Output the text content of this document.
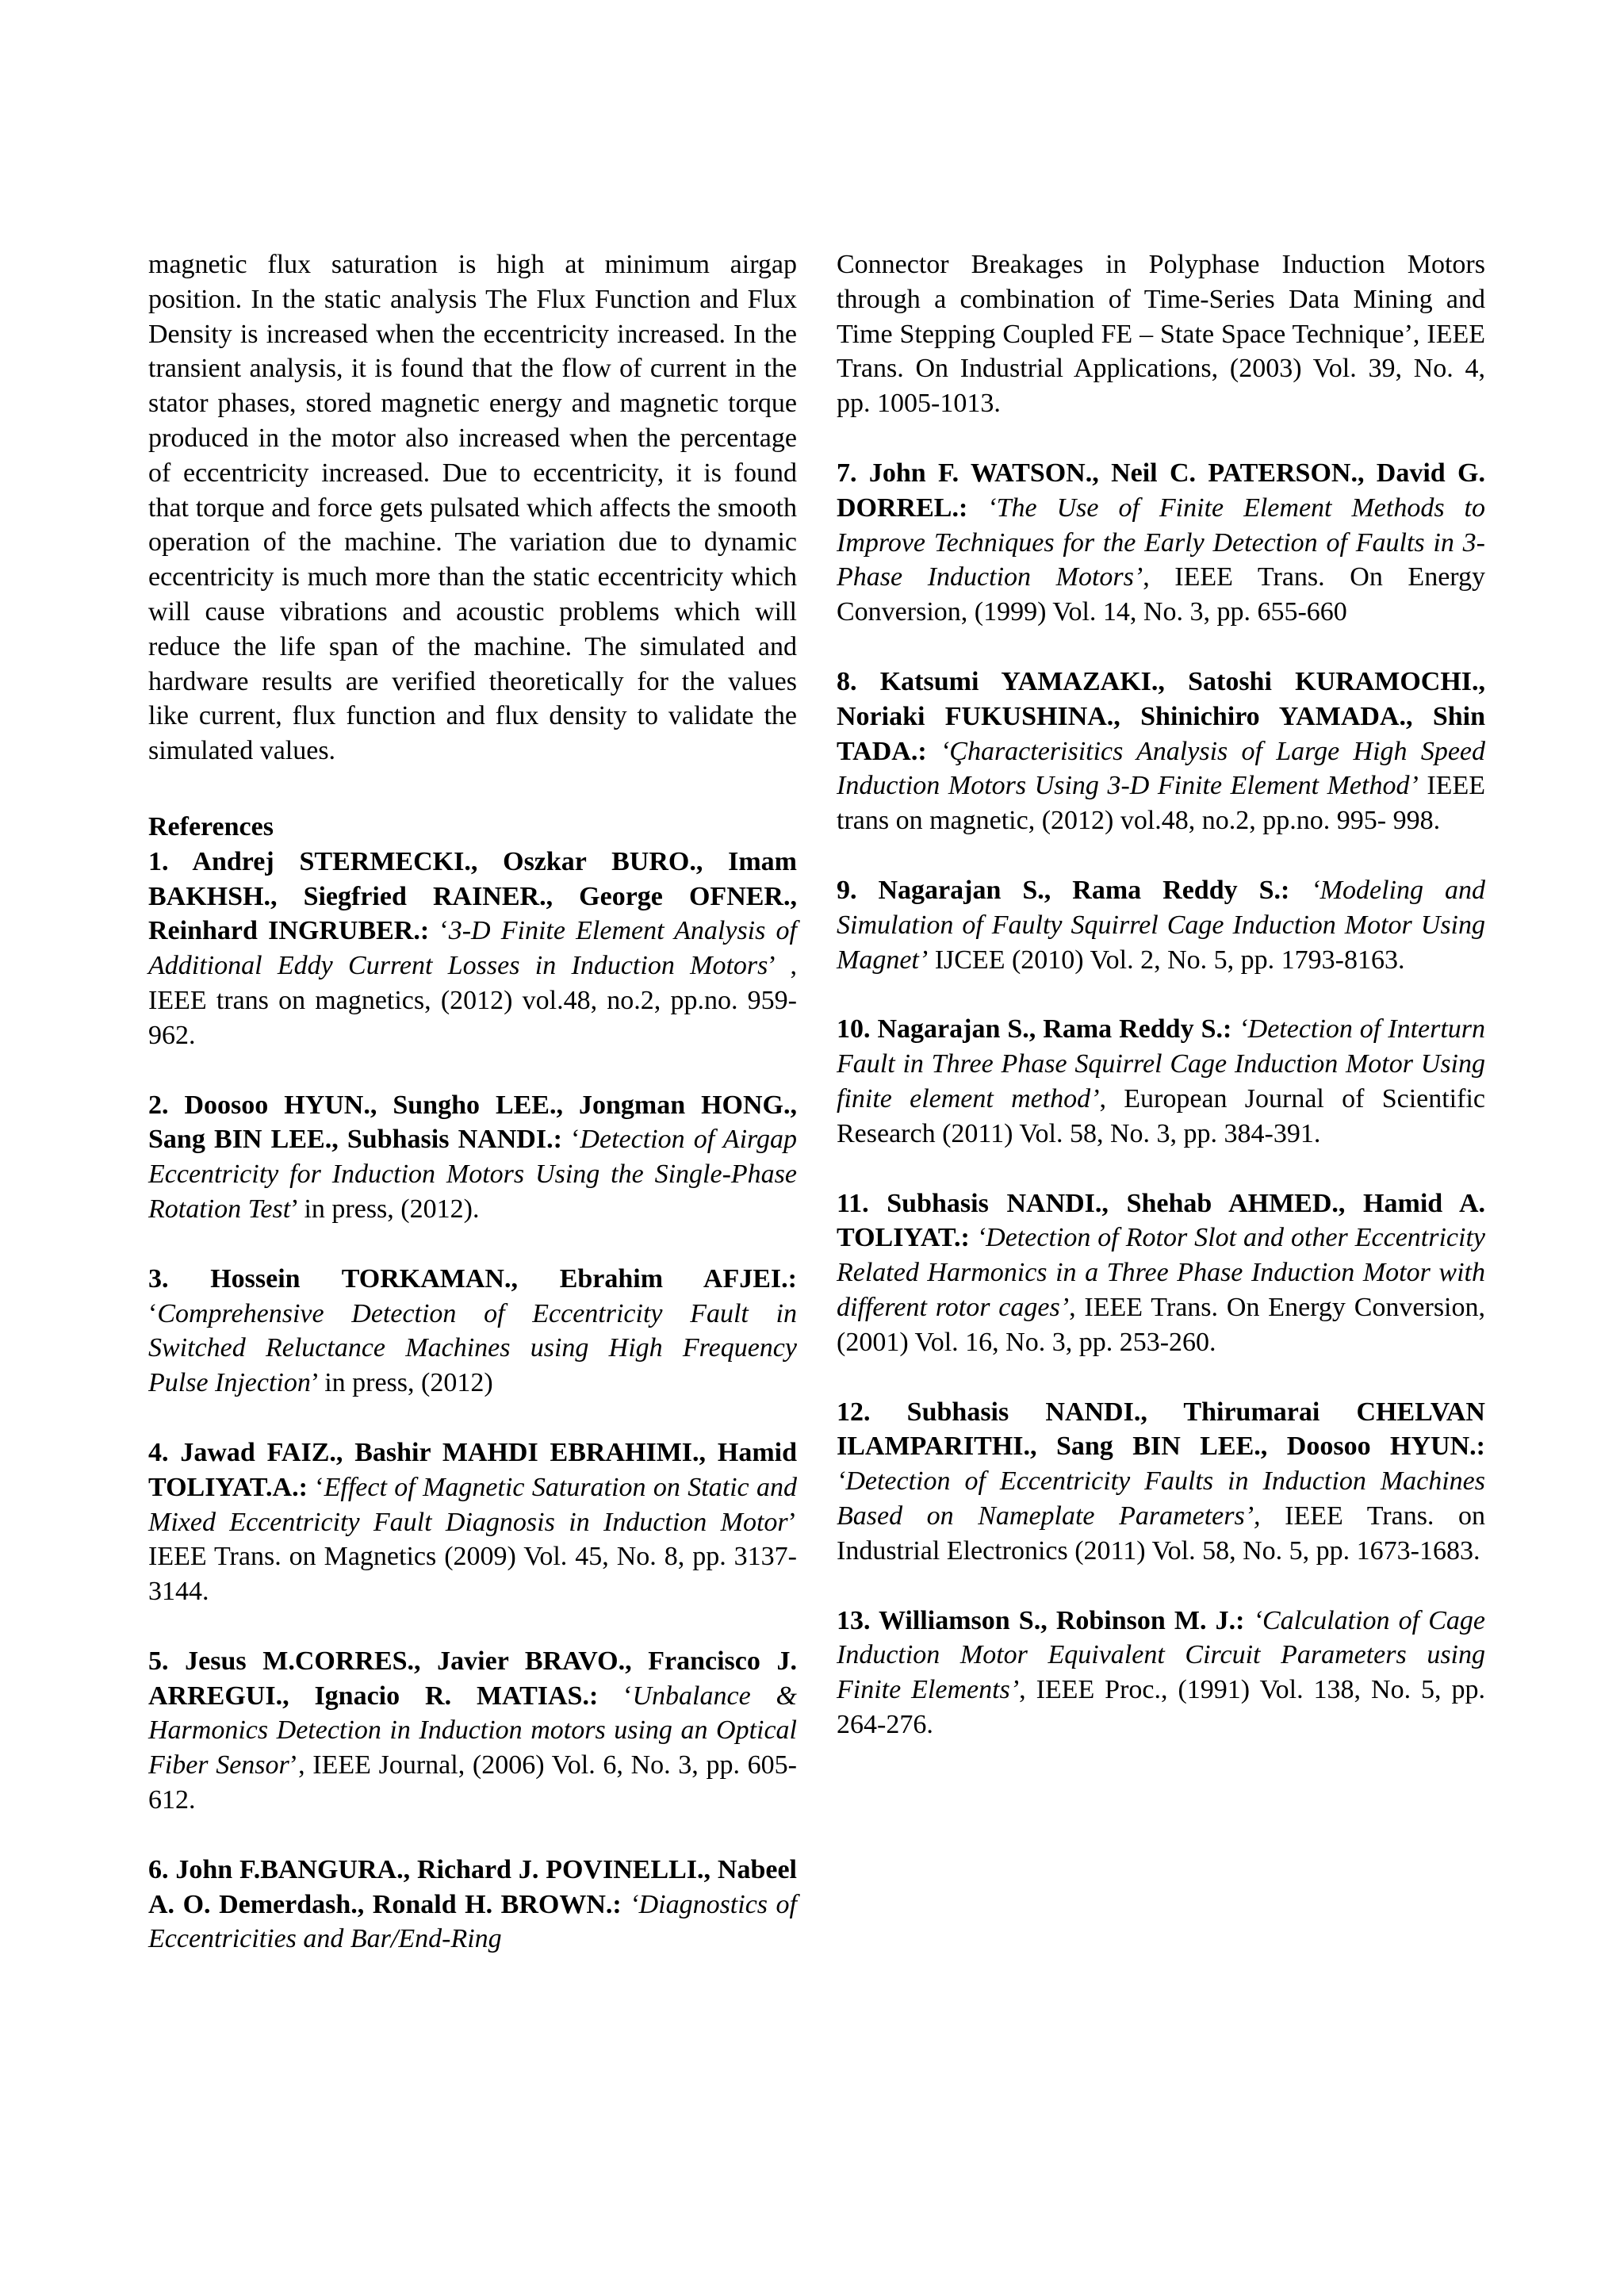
magnetic flux saturation is high at minimum airgap position. In the static analysis The Flux Function and Flux Density is increased when the eccentricity increased. In the transient analysis, it is found that the flow of current in the stator phases, stored magnetic energy and magnetic torque produced in the motor also increased when the percentage of eccentricity increased. Due to eccentricity, it is found that torque and force gets pulsated which affects the smooth operation of the machine. The variation due to dynamic eccentricity is much more than the static eccentricity which will cause vibrations and acoustic problems which will reduce the life span of the machine. The simulated and hardware results are verified theoretically for the values like current, flux function and flux density to validate the simulated values.

References

1. Andrej STERMECKI., Oszkar BURO., Imam BAKHSH., Siegfried RAINER., George OFNER., Reinhard INGRUBER.: ‘3-D Finite Element Analysis of Additional Eddy Current Losses in Induction Motors’ , IEEE trans on magnetics, (2012) vol.48, no.2, pp.no. 959- 962.

2. Doosoo HYUN., Sungho LEE., Jongman HONG., Sang BIN LEE., Subhasis NANDI.: ‘Detection of Airgap Eccentricity for Induction Motors Using the Single-Phase Rotation Test’ in press, (2012).

3. Hossein TORKAMAN., Ebrahim AFJEI.: ‘Comprehensive Detection of Eccentricity Fault in Switched Reluctance Machines using High Frequency Pulse Injection’ in press, (2012)

4. Jawad FAIZ., Bashir MAHDI EBRAHIMI., Hamid TOLIYAT.A.: ‘Effect of Magnetic Saturation on Static and Mixed Eccentricity Fault Diagnosis in Induction Motor’ IEEE Trans. on Magnetics (2009) Vol. 45, No. 8, pp. 3137- 3144.

5. Jesus M.CORRES., Javier BRAVO., Francisco J. ARREGUI., Ignacio R. MATIAS.: ‘Unbalance & Harmonics Detection in Induction motors using an Optical Fiber Sensor’, IEEE Journal, (2006) Vol. 6, No. 3, pp. 605-612.

6. John F.BANGURA., Richard J. POVINELLI., Nabeel A. O. Demerdash., Ronald H. BROWN.: ‘Diagnostics of Eccentricities and Bar/End-Ring

Connector Breakages in Polyphase Induction Motors through a combination of Time-Series Data Mining and Time Stepping Coupled FE – State Space Technique’, IEEE Trans. On Industrial Applications, (2003) Vol. 39, No. 4, pp. 1005-1013.

7. John F. WATSON., Neil C. PATERSON., David G. DORREL.: ‘The Use of Finite Element Methods to Improve Techniques for the Early Detection of Faults in 3-Phase Induction Motors’, IEEE Trans. On Energy Conversion, (1999) Vol. 14, No. 3, pp. 655-660

8. Katsumi YAMAZAKI., Satoshi KURAMOCHI., Noriaki FUKUSHINA., Shinichiro YAMADA., Shin TADA.: ‘Çharacterisitics Analysis of Large High Speed Induction Motors Using 3-D Finite Element Method’ IEEE trans on magnetic, (2012) vol.48, no.2, pp.no. 995- 998.

9. Nagarajan S., Rama Reddy S.: ‘Modeling and Simulation of Faulty Squirrel Cage Induction Motor Using Magnet’ IJCEE (2010) Vol. 2, No. 5, pp. 1793-8163.

10. Nagarajan S., Rama Reddy S.: ‘Detection of Interturn Fault in Three Phase Squirrel Cage Induction Motor Using finite element method’, European Journal of Scientific Research (2011) Vol. 58, No. 3, pp. 384-391.

11. Subhasis NANDI., Shehab AHMED., Hamid A. TOLIYAT.: ‘Detection of Rotor Slot and other Eccentricity Related Harmonics in a Three Phase Induction Motor with different rotor cages’, IEEE Trans. On Energy Conversion, (2001) Vol. 16, No. 3, pp. 253-260.

12. Subhasis NANDI., Thirumarai CHELVAN ILAMPARITHI., Sang BIN LEE., Doosoo HYUN.: ‘Detection of Eccentricity Faults in Induction Machines Based on Nameplate Parameters’, IEEE Trans. on Industrial Electronics (2011) Vol. 58, No. 5, pp. 1673-1683.

13. Williamson S., Robinson M. J.: ‘Calculation of Cage Induction Motor Equivalent Circuit Parameters using Finite Elements’, IEEE Proc., (1991) Vol. 138, No. 5, pp. 264-276.
